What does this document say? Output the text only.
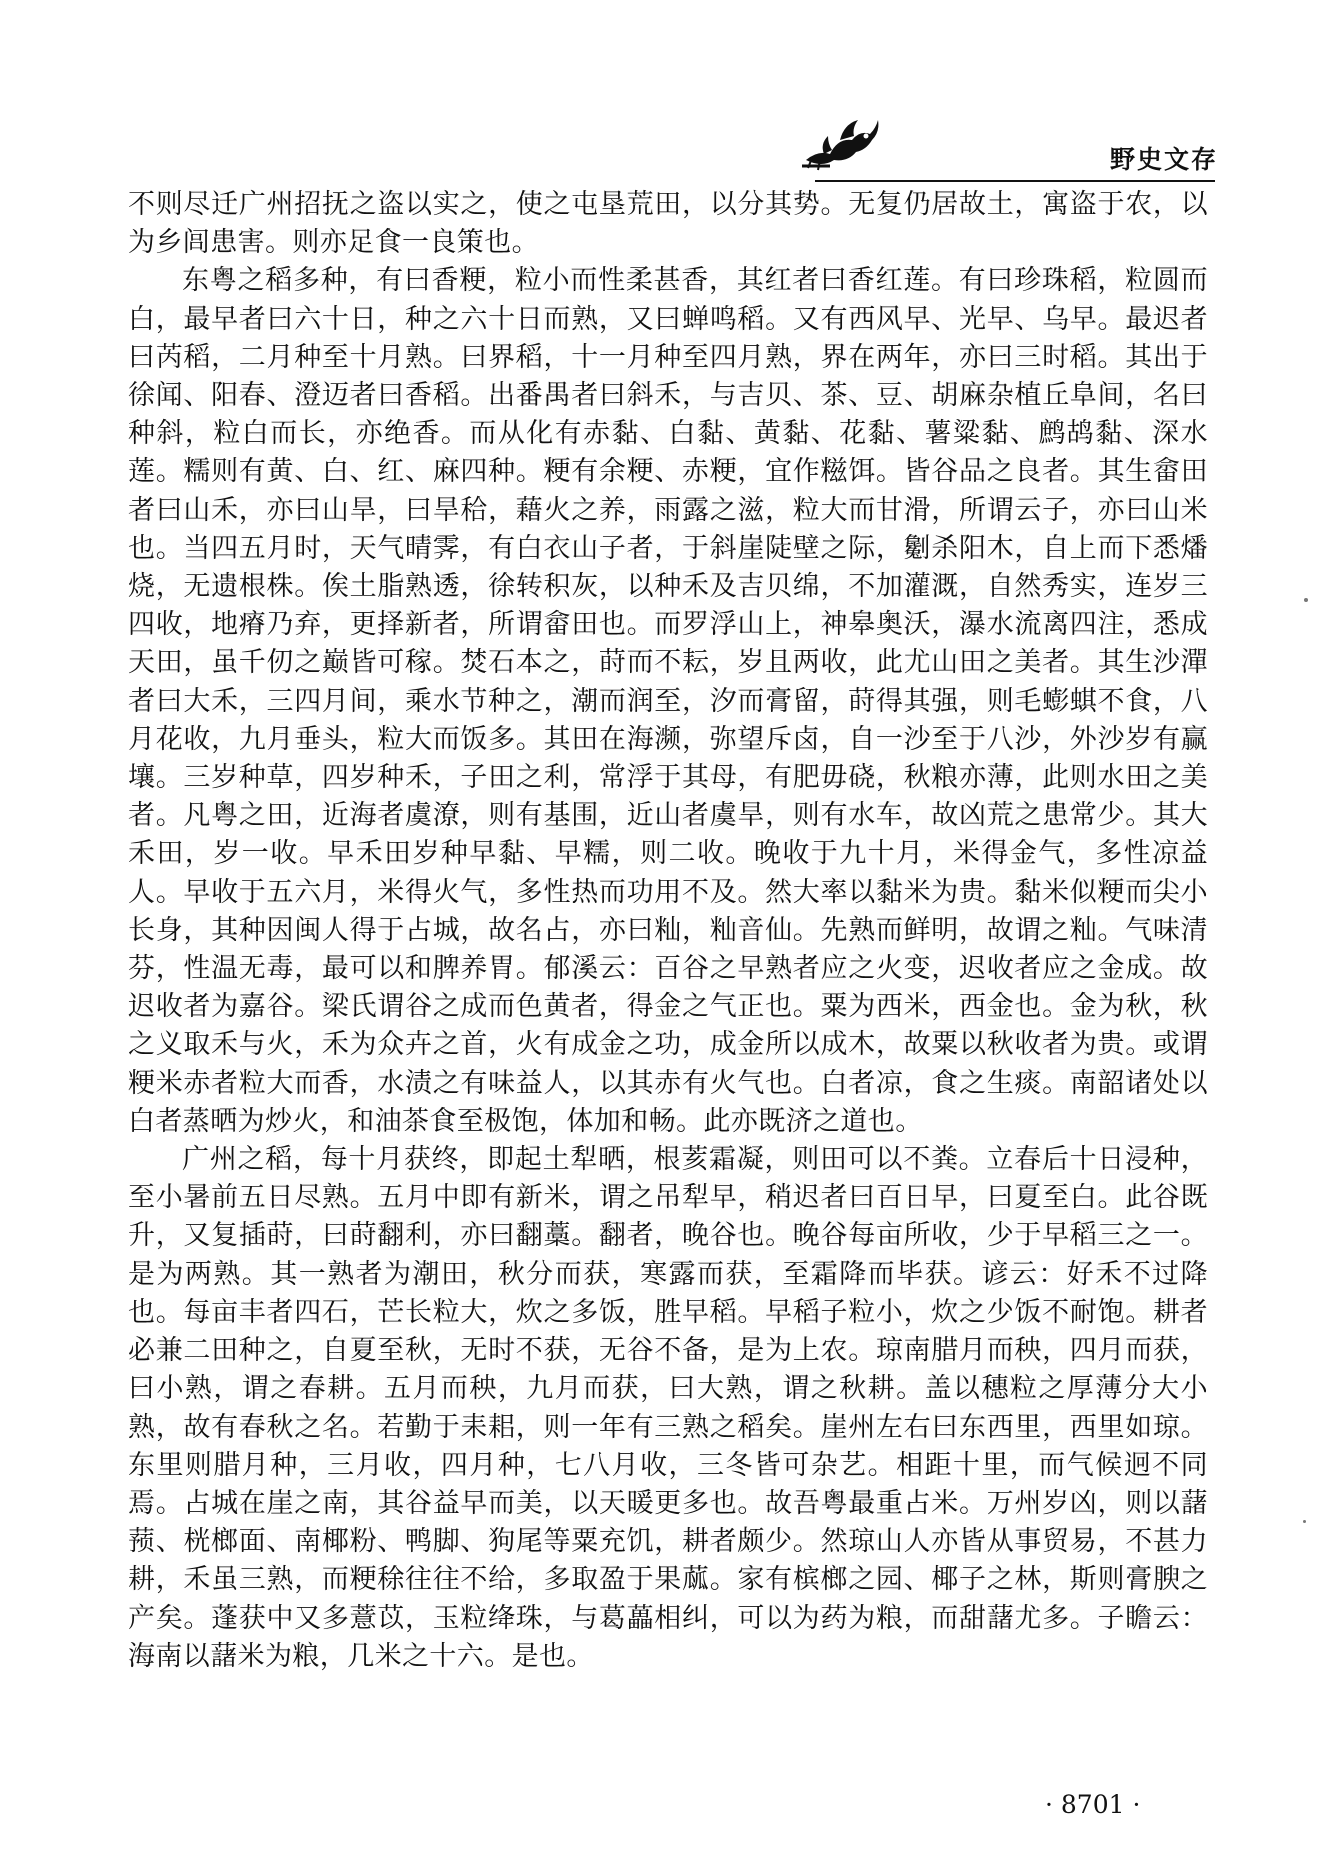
野史文存

不则尽迁广州招抚之盗以实之，使之屯垦荒田，以分其势。无复仍居故土，寓盗于农，以为乡闾患害。则亦足食一良策也。

东粤之稻多种，有曰香粳，粒小而性柔甚香，其红者曰香红莲。有曰珍珠稻，粒圆而白，最早者曰六十日，种之六十日而熟，又曰蝉鸣稻。又有西风早、光早、乌早。最迟者曰芮稻，二月种至十月熟。曰界稻，十一月种至四月熟，界在两年，亦曰三时稻。其出于徐闻、阳春、澄迈者曰香稻。出番禺者曰斜禾，与吉贝、茶、豆、胡麻杂植丘阜间，名曰种斜，粒白而长，亦绝香。而从化有赤黏、白黏、黄黏、花黏、薯粱黏、鹧鸪黏、深水莲。糯则有黄、白、红、麻四种。粳有余粳、赤粳，宜作糍饵。皆谷品之良者。其生畲田者曰山禾，亦曰山旱，曰旱秴，藉火之养，雨露之滋，粒大而甘滑，所谓云子，亦曰山米也。当四五月时，天气晴霁，有白衣山子者，于斜崖陡壁之际，劖杀阳木，自上而下悉燔烧，无遗根株。俟土脂熟透，徐转积灰，以种禾及吉贝绵，不加灌溉，自然秀实，连岁三四收，地瘠乃弃，更择新者，所谓畲田也。而罗浮山上，神皋奥沃，瀑水流离四注，悉成天田，虽千仞之巅皆可稼。焚石本之，莳而不耘，岁且两收，此尤山田之美者。其生沙潬者曰大禾，三四月间，乘水节种之，潮而润至，汐而膏留，莳得其强，则毛蟛蜞不食，八月花收，九月垂头，粒大而饭多。其田在海濒，弥望斥卤，自一沙至于八沙，外沙岁有赢壤。三岁种草，四岁种禾，子田之利，常浮于其母，有肥毋硗，秋粮亦薄，此则水田之美者。凡粤之田，近海者虞潦，则有基围，近山者虞旱，则有水车，故凶荒之患常少。其大禾田，岁一收。早禾田岁种早黏、早糯，则二收。晚收于九十月，米得金气，多性凉益人。早收于五六月，米得火气，多性热而功用不及。然大率以黏米为贵。黏米似粳而尖小长身，其种因闽人得于占城，故名占，亦曰籼，籼音仙。先熟而鲜明，故谓之籼。气味清芬，性温无毒，最可以和脾养胃。郁溪云：百谷之早熟者应之火变，迟收者应之金成。故迟收者为嘉谷。梁氏谓谷之成而色黄者，得金之气正也。粟为西米，西金也。金为秋，秋之义取禾与火，禾为众卉之首，火有成金之功，成金所以成木，故粟以秋收者为贵。或谓粳米赤者粒大而香，水渍之有味益人，以其赤有火气也。白者凉，食之生痰。南韶诸处以白者蒸晒为炒火，和油茶食至极饱，体加和畅。此亦既济之道也。

广州之稻，每十月获终，即起土犁晒，根荄霜凝，则田可以不粪。立春后十日浸种，至小暑前五日尽熟。五月中即有新米，谓之吊犁早，稍迟者曰百日早，曰夏至白。此谷既升，又复插莳，曰莳翻利，亦曰翻藁。翻者，晚谷也。晚谷每亩所收，少于早稻三之一。是为两熟。其一熟者为潮田，秋分而获，寒露而获，至霜降而毕获。谚云：好禾不过降也。每亩丰者四石，芒长粒大，炊之多饭，胜早稻。早稻子粒小，炊之少饭不耐饱。耕者必兼二田种之，自夏至秋，无时不获，无谷不备，是为上农。琼南腊月而秧，四月而获，曰小熟，谓之春耕。五月而秧，九月而获，曰大熟，谓之秋耕。盖以穗粒之厚薄分大小熟，故有春秋之名。若勤于耒耜，则一年有三熟之稻矣。崖州左右曰东西里，西里如琼。东里则腊月种，三月收，四月种，七八月收，三冬皆可杂艺。相距十里，而气候迥不同焉。占城在崖之南，其谷益早而美，以天暖更多也。故吾粤最重占米。万州岁凶，则以藷蓣、桄榔面、南椰粉、鸭脚、狗尾等粟充饥，耕者颇少。然琼山人亦皆从事贸易，不甚力耕，禾虽三熟，而粳稌往往不给，多取盈于果蓏。家有槟榔之园、椰子之林，斯则膏腴之产矣。蓬获中又多薏苡，玉粒绛珠，与葛藟相纠，可以为药为粮，而甜藷尤多。子瞻云：海南以藷米为粮，几米之十六。是也。

· 8701 ·
